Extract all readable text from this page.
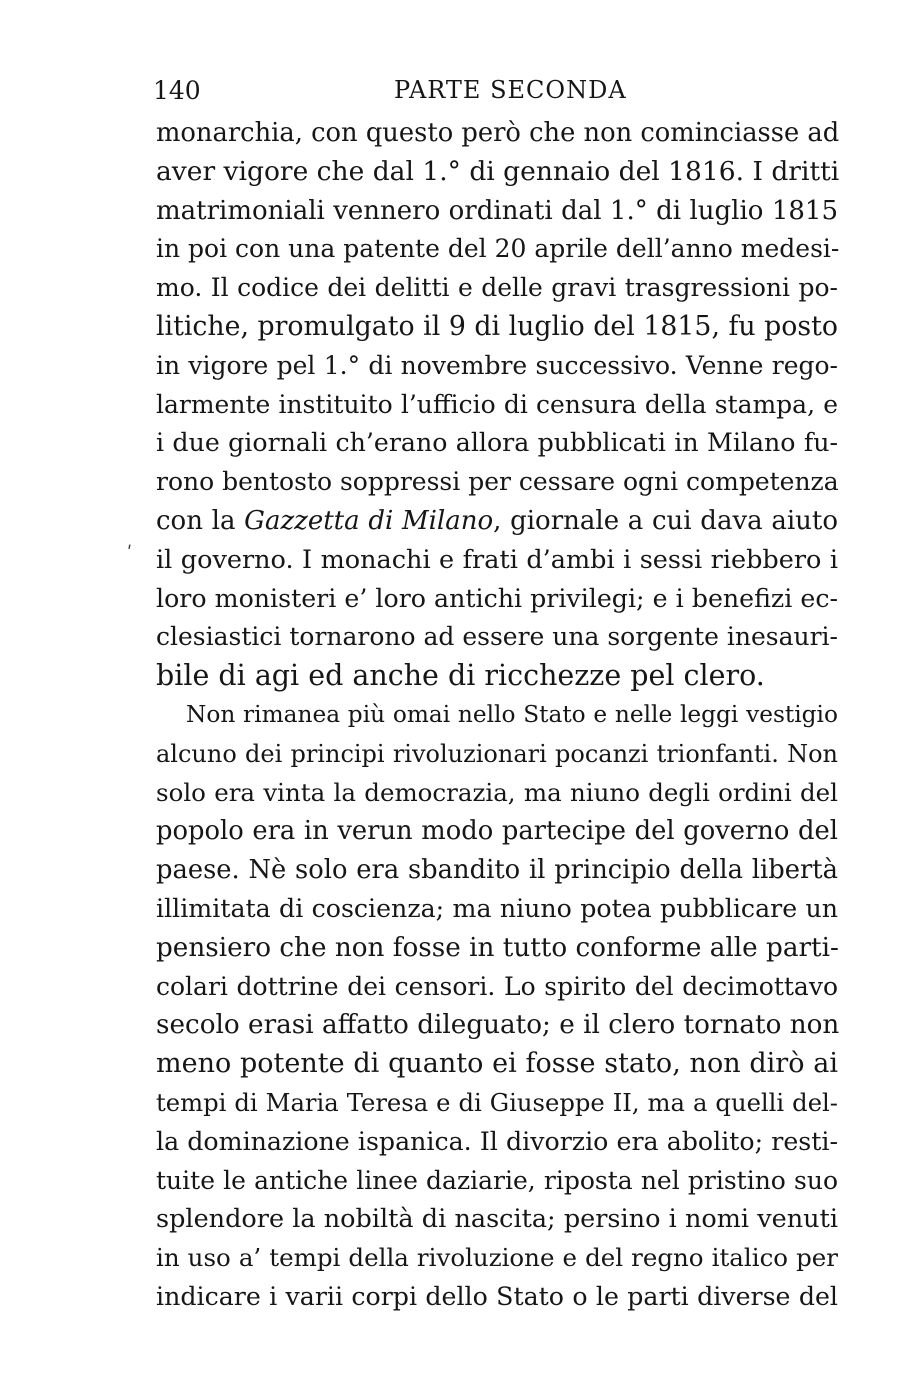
140	PARTE SECONDA
ʹ
monarchia, con questo però che non cominciasse ad
aver vigore che dal 1.° di gennaio del 1816. I dritti
matrimoniali vennero ordinati dal 1.° di luglio 1815
in poi con una patente del 20 aprile dell’anno medesi-
mo. Il codice dei delitti e delle gravi trasgressioni po-
litiche, promulgato il 9 di luglio del 1815, fu posto
in vigore pel 1.° di novembre successivo. Venne rego-
larmente instituito l’ufficio di censura della stampa, e
i due giornali ch’erano allora pubblicati in Milano fu-
rono bentosto soppressi per cessare ogni competenza
con la Gazzetta di Milano, giornale a cui dava aiuto
il governo. I monachi e frati d’ambi i sessi riebbero i
loro monisteri e’ loro antichi privilegi; e i benefizi ec-
clesiastici tornarono ad essere una sorgente inesauri-
bile di agi ed anche di ricchezze pel clero.
Non rimanea più omai nello Stato e nelle leggi vestigio
alcuno dei principi rivoluzionari pocanzi trionfanti. Non
solo era vinta la democrazia, ma niuno degli ordini del
popolo era in verun modo partecipe del governo del
paese. Nè solo era sbandito il principio della libertà
illimitata di coscienza; ma niuno potea pubblicare un
pensiero che non fosse in tutto conforme alle parti-
colari dottrine dei censori. Lo spirito del decimottavo
secolo erasi affatto dileguato; e il clero tornato non
meno potente di quanto ei fosse stato, non dirò ai
tempi di Maria Teresa e di Giuseppe II, ma a quelli del-
la dominazione ispanica. Il divorzio era abolito; resti-
tuite le antiche linee daziarie, riposta nel pristino suo
splendore la nobiltà di nascita; persino i nomi venuti
in uso a’ tempi della rivoluzione e del regno italico per
indicare i varii corpi dello Stato o le parti diverse del
